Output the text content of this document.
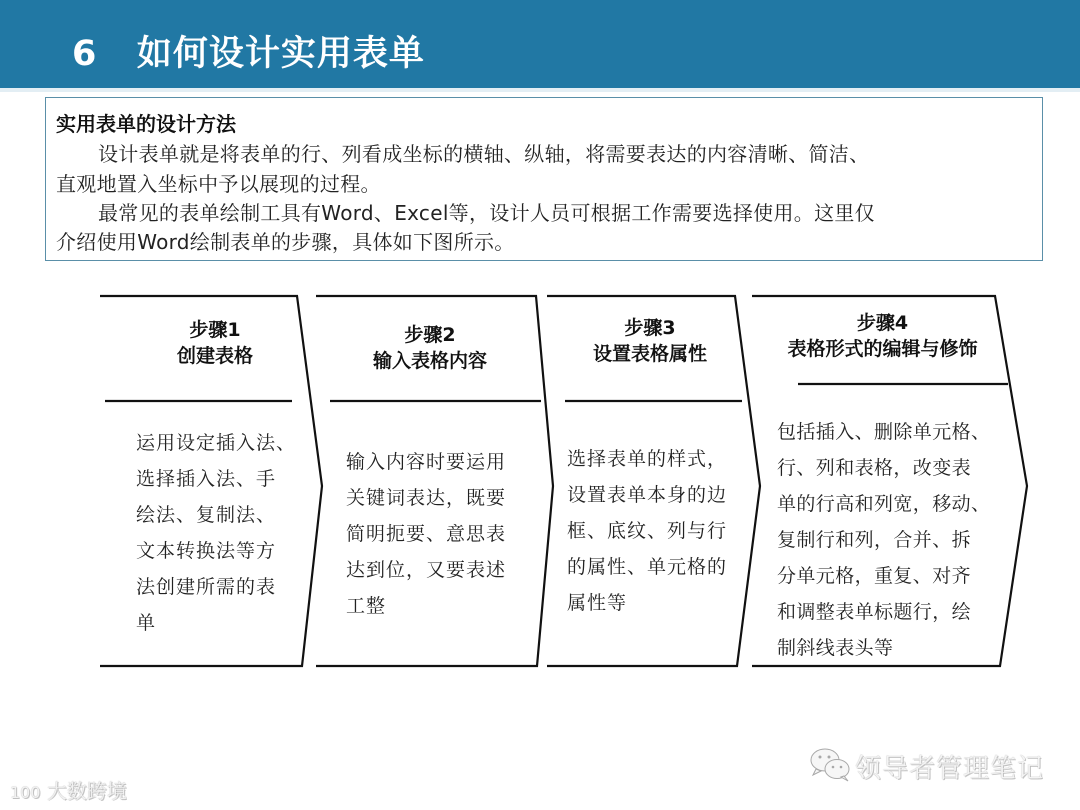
6   如何设计实用表单
实用表单的设计方法
设计表单就是将表单的行、列看成坐标的横轴、纵轴，将需要表达的内容清晰、简洁、
直观地置入坐标中予以展现的过程。
最常见的表单绘制工具有Word、Excel等，设计人员可根据工作需要选择使用。这里仅
介绍使用Word绘制表单的步骤，具体如下图所示。
步骤1
创建表格
运用设定插入法、
选择插入法、手
绘法、复制法、
文本转换法等方
法创建所需的表
单
步骤2
输入表格内容
输入内容时要运用
关键词表达，既要
简明扼要、意思表
达到位，又要表述
工整
步骤3
设置表格属性
选择表单的样式，
设置表单本身的边
框、底纹、列与行
的属性、单元格的
属性等
步骤4
表格形式的编辑与修饰
包括插入、删除单元格、
行、列和表格，改变表
单的行高和列宽，移动、
复制行和列，合并、拆
分单元格，重复、对齐
和调整表单标题行，绘
制斜线表头等
100 大数跨境
领导者管理笔记
